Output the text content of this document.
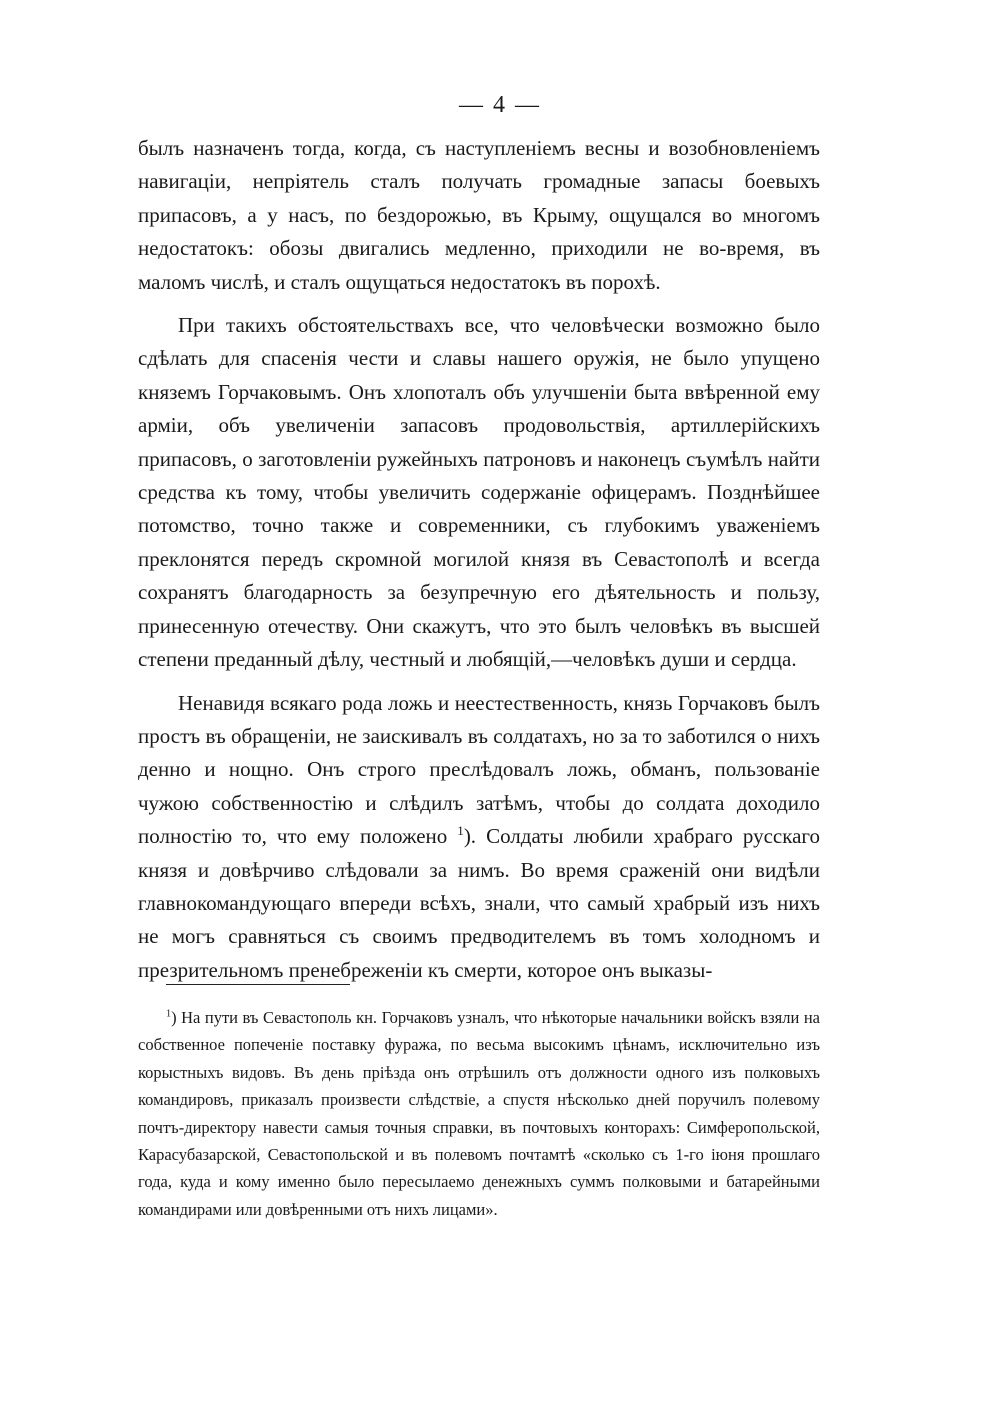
— 4 —

былъ назначенъ тогда, когда, съ наступленіемъ весны и возобновленіемъ навигаціи, непріятель сталъ получать громадные запасы боевыхъ припасовъ, а у насъ, по бездорожью, въ Крыму, ощущался во многомъ недостатокъ: обозы двигались медленно, приходили не во-время, въ маломъ числѣ, и сталъ ощущаться недостатокъ въ порохѣ.

При такихъ обстоятельствахъ все, что человѣчески возможно было сдѣлать для спасенія чести и славы нашего оружія, не было упущено княземъ Горчаковымъ. Онъ хлопоталъ объ улучшеніи быта ввѣренной ему арміи, объ увеличеніи запасовъ продовольствія, артиллерійскихъ припасовъ, о заготовленіи ружейныхъ патроновъ и наконецъ съумѣлъ найти средства къ тому, чтобы увеличить содержаніе офицерамъ. Позднѣйшее потомство, точно также и современники, съ глубокимъ уваженіемъ преклонятся передъ скромной могилой князя въ Севастополѣ и всегда сохранятъ благодарность за безупречную его дѣятельность и пользу, принесенную отечеству. Они скажутъ, что это былъ человѣкъ въ высшей степени преданный дѣлу, честный и любящій,—человѣкъ души и сердца.

Ненавидя всякаго рода ложь и неестественность, князь Горчаковъ былъ простъ въ обращеніи, не заискивалъ въ солдатахъ, но за то заботился о нихъ денно и нощно. Онъ строго преслѣдовалъ ложь, обманъ, пользованіе чужою собственностію и слѣдилъ затѣмъ, чтобы до солдата доходило полностію то, что ему положено $^1$). Солдаты любили храбраго русскаго князя и довѣрчиво слѣдовали за нимъ. Во время сраженій они видѣли главнокомандующаго впереди всѣхъ, знали, что самый храбрый изъ нихъ не могъ сравняться съ своимъ предводителемъ въ томъ холодномъ и презрительномъ пренебреженіи къ смерти, которое онъ выказы-

$^1$) На пути въ Севастополь кн. Горчаковъ узналъ, что нѣкоторые начальники войскъ взяли на собственное попеченіе поставку фуража, по весьма высокимъ цѣнамъ, исключительно изъ корыстныхъ видовъ. Въ день пріѣзда онъ отрѣшилъ отъ должности одного изъ полковыхъ командировъ, приказалъ произвести слѣдствіе, а спустя нѣсколько дней поручилъ полевому почтъ-директору навести самыя точныя справки, въ почтовыхъ конторахъ: Симферопольской, Карасубазарской, Севастопольской и въ полевомъ почтамтѣ «сколько съ 1-го іюня прошлаго года, куда и кому именно было пересылаемо денежныхъ суммъ полковыми и батарейными командирами или довѣренными отъ нихъ лицами».
